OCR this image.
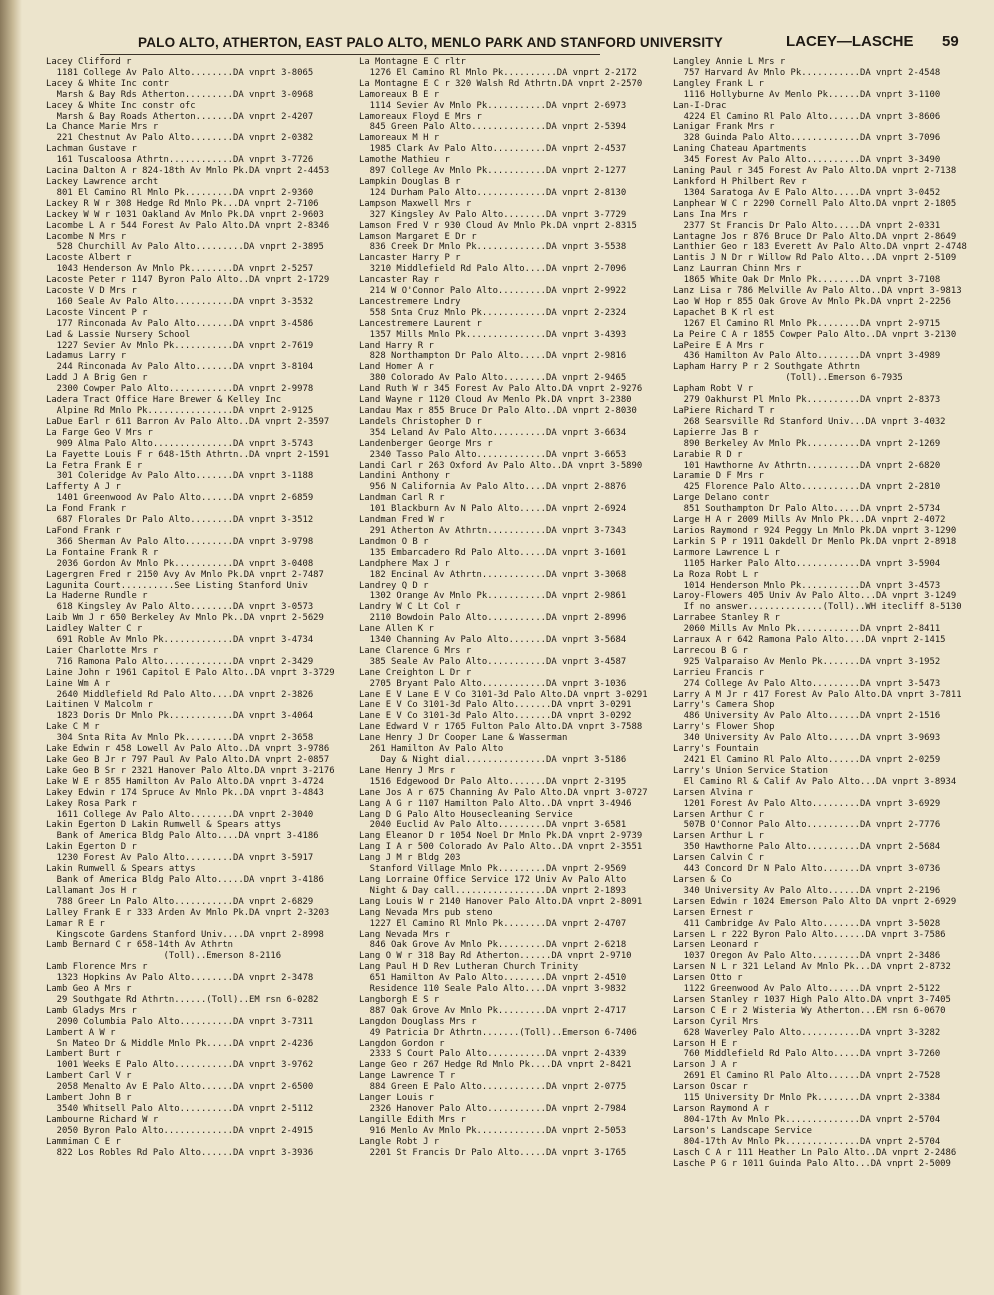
PALO ALTO, ATHERTON, EAST PALO ALTO, MENLO PARK AND STANFORD UNIVERSITY	LACEY—LASCHE 59
Lacey Clifford r
1181 College Av Palo Alto........DA vnprt 3-8065
Lacey & White Inc contr
Marsh & Bay Rds Atherton.........DA vnprt 3-0968
Lacey & White Inc constr ofc
Marsh & Bay Roads Atherton.......DA vnprt 2-4207
La Chance Marie Mrs r
221 Chestnut Av Palo Alto........DA vnprt 2-0382
Lachman Gustave r
161 Tuscaloosa Athrtn............DA vnprt 3-7726
Lacina Dalton A r 824-18th Av Mnlo Pk.DA vnprt 2-4453
Lackey Lawrence archt
801 El Camino Rl Mnlo Pk.........DA vnprt 2-9360
Lackey R W r 308 Hedge Rd Mnlo Pk...DA vnprt 2-7106
Lackey W W r 1031 Oakland Av Mnlo Pk.DA vnprt 2-9603
Lacombe L A r 544 Forest Av Palo Alto.DA vnprt 2-8346
Lacombe N Mrs r
528 Churchill Av Palo Alto.........DA vnprt 2-3895
Lacoste Albert r
1043 Henderson Av Mnlo Pk........DA vnprt 2-5257
Lacoste Peter r 1147 Byron Palo Alto..DA vnprt 2-1729
Lacoste V D Mrs r
160 Seale Av Palo Alto...........DA vnprt 3-3532
Lacoste Vincent P r
177 Rinconada Av Palo Alto.......DA vnprt 3-4586
Lad & Lassie Nursery School
1227 Sevier Av Mnlo Pk...........DA vnprt 2-7619
Ladamus Larry r
244 Rinconada Av Palo Alto.......DA vnprt 3-8104
Ladd J A Brig Gen r
2300 Cowper Palo Alto............DA vnprt 2-9978
Ladera Tract Office Hare Brewer & Kelley Inc
Alpine Rd Mnlo Pk................DA vnprt 2-9125
LaDue Earl r 611 Barron Av Palo Alto..DA vnprt 2-3597
La Farge Geo V Mrs r
909 Alma Palo Alto...............DA vnprt 3-5743
La Fayette Louis F r 648-15th Athrtn..DA vnprt 2-1591
La Fetra Frank E r
301 Coleridge Av Palo Alto.......DA vnprt 3-1188
Lafferty A J r
1401 Greenwood Av Palo Alto......DA vnprt 2-6859
La Fond Frank r
687 Florales Dr Palo Alto........DA vnprt 3-3512
LaFond Frank r
366 Sherman Av Palo Alto.........DA vnprt 3-9798
La Fontaine Frank R r
2036 Gordon Av Mnlo Pk...........DA vnprt 3-0408
Lagergren Fred r 2150 Avy Av Mnlo Pk.DA vnprt 2-7487
Lagunita Court..........See Listing Stanford Univ
La Haderne Rundle r
618 Kingsley Av Palo Alto........DA vnprt 3-0573
Laib Wm J r 650 Berkeley Av Mnlo Pk..DA vnprt 2-5629
Laidley Walter C r
691 Roble Av Mnlo Pk.............DA vnprt 3-4734
Laier Charlotte Mrs r
716 Ramona Palo Alto.............DA vnprt 2-3429
Laine John r 1961 Capitol E Palo Alto..DA vnprt 3-3729
Laine Wm A r
2640 Middlefield Rd Palo Alto....DA vnprt 2-3826
Laitinen V Malcolm r
1823 Doris Dr Mnlo Pk............DA vnprt 3-4064
Lake C M r
304 Snta Rita Av Mnlo Pk.........DA vnprt 2-3658
Lake Edwin r 458 Lowell Av Palo Alto..DA vnprt 3-9786
Lake Geo B Jr r 797 Paul Av Palo Alto.DA vnprt 2-0857
Lake Geo B Sr r 2321 Hanover Palo Alto.DA vnprt 3-2176
Lake W E r 855 Hamilton Av Palo Alto.DA vnprt 3-4724
Lakey Edwin r 174 Spruce Av Mnlo Pk..DA vnprt 3-4843
Lakey Rosa Park r
1611 College Av Palo Alto........DA vnprt 2-3040
Lakin Egerton D Lakin Rumwell & Spears attys
Bank of America Bldg Palo Alto....DA vnprt 3-4186
Lakin Egerton D r
1230 Forest Av Palo Alto.........DA vnprt 3-5917
Lakin Rumwell & Spears attys
Bank of America Bldg Palo Alto.....DA vnprt 3-4186
Lallamant Jos H r
788 Greer Ln Palo Alto...........DA vnprt 2-6829
Lalley Frank E r 333 Arden Av Mnlo Pk.DA vnprt 2-3203
Lamar R E r
Kingscote Gardens Stanford Univ....DA vnprt 2-8998
Lamb Bernard C r 658-14th Av Athrtn
(Toll)..Emerson 8-2116
Lamb Florence Mrs r
1323 Hopkins Av Palo Alto........DA vnprt 2-3478
Lamb Geo A Mrs r
29 Southgate Rd Athrtn......(Toll)..EM rsn 6-0282
Lamb Gladys Mrs r
2090 Columbia Palo Alto..........DA vnprt 3-7311
Lambert A W r
Sn Mateo Dr & Middle Mnlo Pk.....DA vnprt 2-4236
Lambert Burt r
1001 Weeks E Palo Alto...........DA vnprt 3-9762
Lambert Carl V r
2058 Menalto Av E Palo Alto......DA vnprt 2-6500
Lambert John B r
3540 Whitsell Palo Alto..........DA vnprt 2-5112
Lambourne Richard W r
2050 Byron Palo Alto.............DA vnprt 2-4915
Lammiman C E r
822 Los Robles Rd Palo Alto......DA vnprt 3-3936
La Montagne E C rltr
1276 El Camino Rl Mnlo Pk..........DA vnprt 2-2172
La Montagne E C r 320 Walsh Rd Athrtn.DA vnprt 2-2570
Lamoreaux B E r
1114 Sevier Av Mnlo Pk...........DA vnprt 2-6973
Lamoreaux Floyd E Mrs r
845 Green Palo Alto..............DA vnprt 2-5394
Lamoreaux M H r
1985 Clark Av Palo Alto..........DA vnprt 2-4537
Lamothe Mathieu r
897 College Av Mnlo Pk...........DA vnprt 2-1277
Lampkin Douglas B r
124 Durham Palo Alto.............DA vnprt 2-8130
Lampson Maxwell Mrs r
327 Kingsley Av Palo Alto........DA vnprt 3-7729
Lamson Fred V r 930 Cloud Av Mnlo Pk.DA vnprt 2-8315
Lamson Margaret E Dr r
836 Creek Dr Mnlo Pk.............DA vnprt 3-5538
Lancaster Harry P r
3210 Middlefield Rd Palo Alto....DA vnprt 2-7096
Lancaster Ray r
214 W O'Connor Palo Alto.........DA vnprt 2-9922
Lancestremere Lndry
558 Snta Cruz Mnlo Pk............DA vnprt 2-2324
Lancestremere Laurent r
1357 Mills Mnlo Pk...............DA vnprt 3-4393
Land Harry R r
828 Northampton Dr Palo Alto.....DA vnprt 2-9816
Land Homer A r
380 Colorado Av Palo Alto........DA vnprt 2-9465
Land Ruth W r 345 Forest Av Palo Alto.DA vnprt 2-9276
Land Wayne r 1120 Cloud Av Menlo Pk.DA vnprt 3-2380
Landau Max r 855 Bruce Dr Palo Alto..DA vnprt 2-8030
Landels Christopher D r
354 Leland Av Palo Alto..........DA vnprt 3-6634
Landenberger George Mrs r
2340 Tasso Palo Alto.............DA vnprt 3-6653
Landi Carl r 263 Oxford Av Palo Alto..DA vnprt 3-5890
Landini Anthony r
956 N California Av Palo Alto....DA vnprt 2-8876
Landman Carl R r
101 Blackburn Av N Palo Alto.....DA vnprt 2-6924
Landman Fred W r
291 Atherton Av Athrtn...........DA vnprt 3-7343
Landmon O B r
135 Embarcadero Rd Palo Alto.....DA vnprt 3-1601
Landphere Max J r
182 Encinal Av Athrtn............DA vnprt 3-3068
Landrey Q D r
1302 Orange Av Mnlo Pk...........DA vnprt 2-9861
Landry W C Lt Col r
2110 Bowdoin Palo Alto...........DA vnprt 2-8996
Lane Allen K r
1340 Channing Av Palo Alto.......DA vnprt 3-5684
Lane Clarence G Mrs r
385 Seale Av Palo Alto...........DA vnprt 3-4587
Lane Creighton L Dr r
2705 Bryant Palo Alto............DA vnprt 3-1036
Lane E V Lane E V Co 3101-3d Palo Alto.DA vnprt 3-0291
Lane E V Co 3101-3d Palo Alto.......DA vnprt 3-0291
Lane E V Co 3101-3d Palo Alto.......DA vnprt 3-0292
Lane Edward V r 1765 Fulton Palo Alto.DA vnprt 3-7588
Lane Henry J Dr Cooper Lane & Wasserman
261 Hamilton Av Palo Alto
Day & Night dial...............DA vnprt 3-5186
Lane Henry J Mrs r
1516 Edgewood Dr Palo Alto.......DA vnprt 2-3195
Lane Jos A r 675 Channing Av Palo Alto.DA vnprt 3-0727
Lang A G r 1107 Hamilton Palo Alto..DA vnprt 3-4946
Lang D G Palo Alto Housecleaning Service
2040 Euclid Av Palo Alto.........DA vnprt 3-6581
Lang Eleanor D r 1054 Noel Dr Mnlo Pk.DA vnprt 2-9739
Lang I A r 500 Colorado Av Palo Alto..DA vnprt 2-3551
Lang J M r Bldg 203
Stanford Village Mnlo Pk.........DA vnprt 2-9569
Lang Lorraine Office Service 172 Univ Av Palo Alto
Night & Day call.................DA vnprt 2-1893
Lang Louis W r 2140 Hanover Palo Alto.DA vnprt 2-8091
Lang Nevada Mrs pub steno
1227 El Camino Rl Mnlo Pk........DA vnprt 2-4707
Lang Nevada Mrs r
846 Oak Grove Av Mnlo Pk.........DA vnprt 2-6218
Lang O W r 318 Bay Rd Atherton......DA vnprt 2-9710
Lang Paul H D Rev Lutheran Church Trinity
651 Hamilton Av Palo Alto........DA vnprt 2-4510
Residence 110 Seale Palo Alto....DA vnprt 3-9832
Langborgh E S r
887 Oak Grove Av Mnlo Pk.........DA vnprt 2-4717
Langdon Douglass Mrs r
49 Patricia Dr Athrtn.......(Toll)..Emerson 6-7406
Langdon Gordon r
2333 S Court Palo Alto...........DA vnprt 2-4339
Lange Geo r 267 Hedge Rd Mnlo Pk....DA vnprt 2-8421
Lange Lawrence T r
884 Green E Palo Alto............DA vnprt 2-0775
Langer Louis r
2326 Hanover Palo Alto...........DA vnprt 2-7984
Langille Edith Mrs r
916 Menlo Av Mnlo Pk.............DA vnprt 2-5053
Langle Robt J r
2201 St Francis Dr Palo Alto.....DA vnprt 3-1765
Langley Annie L Mrs r
757 Harvard Av Mnlo Pk...........DA vnprt 2-4548
Langley Frank L r
1116 Hollyburne Av Menlo Pk......DA vnprt 3-1100
Lan-I-Drac
4224 El Camino Rl Palo Alto......DA vnprt 3-8606
Lanigar Frank Mrs r
328 Guinda Palo Alto.............DA vnprt 3-7096
Laning Chateau Apartments
345 Forest Av Palo Alto..........DA vnprt 3-3490
Laning Paul r 345 Forest Av Palo Alto.DA vnprt 2-7138
Lankford H Philbert Rev r
1304 Saratoga Av E Palo Alto.....DA vnprt 3-0452
Lanphear W C r 2290 Cornell Palo Alto.DA vnprt 2-1805
Lans Ina Mrs r
2377 St Francis Dr Palo Alto.....DA vnprt 2-0331
Lantagne Jos r 876 Bruce Dr Palo Alto.DA vnprt 2-8649
Lanthier Geo r 183 Everett Av Palo Alto.DA vnprt 2-4748
Lantis J N Dr r Willow Rd Palo Alto...DA vnprt 2-5109
Lanz Laurran Chinn Mrs r
1865 White Oak Dr Mnlo Pk........DA vnprt 3-7108
Lanz Lisa r 786 Melville Av Palo Alto..DA vnprt 3-9813
Lao W Hop r 855 Oak Grove Av Mnlo Pk.DA vnprt 2-2256
Lapachet B K rl est
1267 El Camino Rl Mnlo Pk........DA vnprt 2-9715
La Peire C A r 1855 Cowper Palo Alto..DA vnprt 3-2130
LaPeire E A Mrs r
436 Hamilton Av Palo Alto........DA vnprt 3-4989
Lapham Harry P r 2 Southgate Athrtn
(Toll)..Emerson 6-7935
Lapham Robt V r
279 Oakhurst Pl Mnlo Pk..........DA vnprt 2-8373
LaPiere Richard T r
268 Searsville Rd Stanford Univ...DA vnprt 3-4032
Lapierre Jas B r
890 Berkeley Av Mnlo Pk..........DA vnprt 2-1269
Larabie R D r
101 Hawthorne Av Athrtn..........DA vnprt 2-6820
Laramie D F Mrs r
425 Florence Palo Alto...........DA vnprt 2-2810
Large Delano contr
851 Southampton Dr Palo Alto.....DA vnprt 2-5734
Large H A r 2009 Mills Av Mnlo Pk...DA vnprt 2-4072
Larios Raymond r 924 Peggy Ln Mnlo Pk.DA vnprt 3-1290
Larkin S P r 1911 Oakdell Dr Menlo Pk.DA vnprt 2-8918
Larmore Lawrence L r
1105 Harker Palo Alto............DA vnprt 3-5904
La Roza Robt L r
1014 Henderson Mnlo Pk...........DA vnprt 3-4573
Laroy-Flowers 405 Univ Av Palo Alto...DA vnprt 3-1249
If no answer..............(Toll)..WH itecliff 8-5130
Larrabee Stanley R r
2060 Mills Av Mnlo Pk............DA vnprt 2-8411
Larraux A r 642 Ramona Palo Alto....DA vnprt 2-1415
Larrecou B G r
925 Valparaiso Av Menlo Pk.......DA vnprt 3-1952
Larrieu Francis r
274 College Av Palo Alto.........DA vnprt 3-5473
Larry A M Jr r 417 Forest Av Palo Alto.DA vnprt 3-7811
Larry's Camera Shop
486 University Av Palo Alto......DA vnprt 2-1516
Larry's Flower Shop
340 University Av Palo Alto......DA vnprt 3-9693
Larry's Fountain
2421 El Camino Rl Palo Alto......DA vnprt 2-0259
Larry's Union Service Station
El Camino Rl & Calif Av Palo Alto...DA vnprt 3-8934
Larsen Alvina r
1201 Forest Av Palo Alto.........DA vnprt 3-6929
Larsen Arthur C r
507B O'Connor Palo Alto..........DA vnprt 2-7776
Larsen Arthur L r
350 Hawthorne Palo Alto..........DA vnprt 2-5684
Larsen Calvin C r
443 Concord Dr N Palo Alto.......DA vnprt 3-0736
Larsen & Co
340 University Av Palo Alto......DA vnprt 2-2196
Larsen Edwin r 1024 Emerson Palo Alto DA vnprt 2-6929
Larsen Ernest r
411 Cambridge Av Palo Alto.......DA vnprt 3-5028
Larsen L r 222 Byron Palo Alto......DA vnprt 3-7586
Larsen Leonard r
1037 Oregon Av Palo Alto.........DA vnprt 2-3486
Larsen N L r 321 Leland Av Mnlo Pk...DA vnprt 2-8732
Larsen Otto r
1122 Greenwood Av Palo Alto......DA vnprt 2-5122
Larsen Stanley r 1037 High Palo Alto.DA vnprt 3-7405
Larson C E r 2 Wisteria Wy Atherton...EM rsn 6-0670
Larson Cyril Mrs
628 Waverley Palo Alto...........DA vnprt 3-3282
Larson H E r
760 Middlefield Rd Palo Alto.....DA vnprt 3-7260
Larson J A r
2691 El Camino Rl Palo Alto......DA vnprt 2-7528
Larson Oscar r
115 University Dr Mnlo Pk........DA vnprt 2-3384
Larson Raymond A r
804-17th Av Mnlo Pk..............DA vnprt 2-5704
Larson's Landscape Service
804-17th Av Mnlo Pk..............DA vnprt 2-5704
Lasch C A r 111 Heather Ln Palo Alto..DA vnprt 2-2486
Lasche P G r 1011 Guinda Palo Alto...DA vnprt 2-5009
